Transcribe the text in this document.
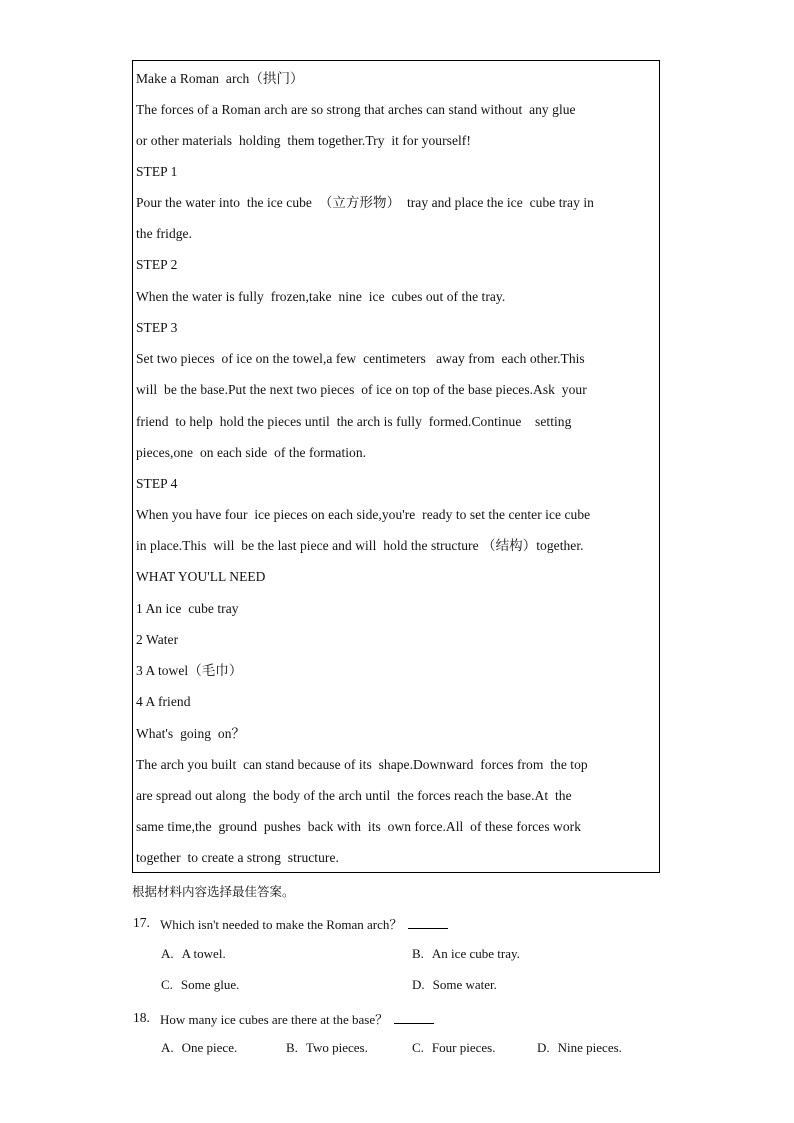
Make a Roman  arch（拱门）
The forces of a Roman arch are so strong that arches can stand without  any glue
or other materials  holding  them together.Try  it for yourself!
STEP 1
Pour the water into  the ice cube  （立方形物）  tray and place the ice  cube tray in
the fridge.
STEP 2
When the water is fully  frozen,take  nine  ice  cubes out of the tray.
STEP 3
Set two pieces  of ice on the towel,a few  centimeters   away from  each other.This
will  be the base.Put the next two pieces  of ice on top of the base pieces.Ask  your
friend  to help  hold the pieces until  the arch is fully  formed.Continue    setting
pieces,one  on each side  of the formation.
STEP 4
When you have four  ice pieces on each side,you're  ready to set the center ice cube
in place.This  will  be the last piece and will  hold the structure （结构）together.
WHAT YOU'LL NEED
1 An ice  cube tray
2 Water
3 A towel（毛巾）
4 A friend
What's  going  on？
The arch you built  can stand because of its  shape.Downward  forces from  the top
are spread out along  the body of the arch until  the forces reach the base.At  the
same time,the  ground  pushes  back with  its  own force.All  of these forces work
together  to create a strong  structure.
根据材料内容选择最佳答案。
17. Which isn't needed to make the Roman arch？
A. A towel.	B. An ice cube tray.
C. Some glue.	D. Some water.
18. How many ice cubes are there at the base？
A. One piece.	B. Two pieces.	C. Four pieces.	D. Nine pieces.
